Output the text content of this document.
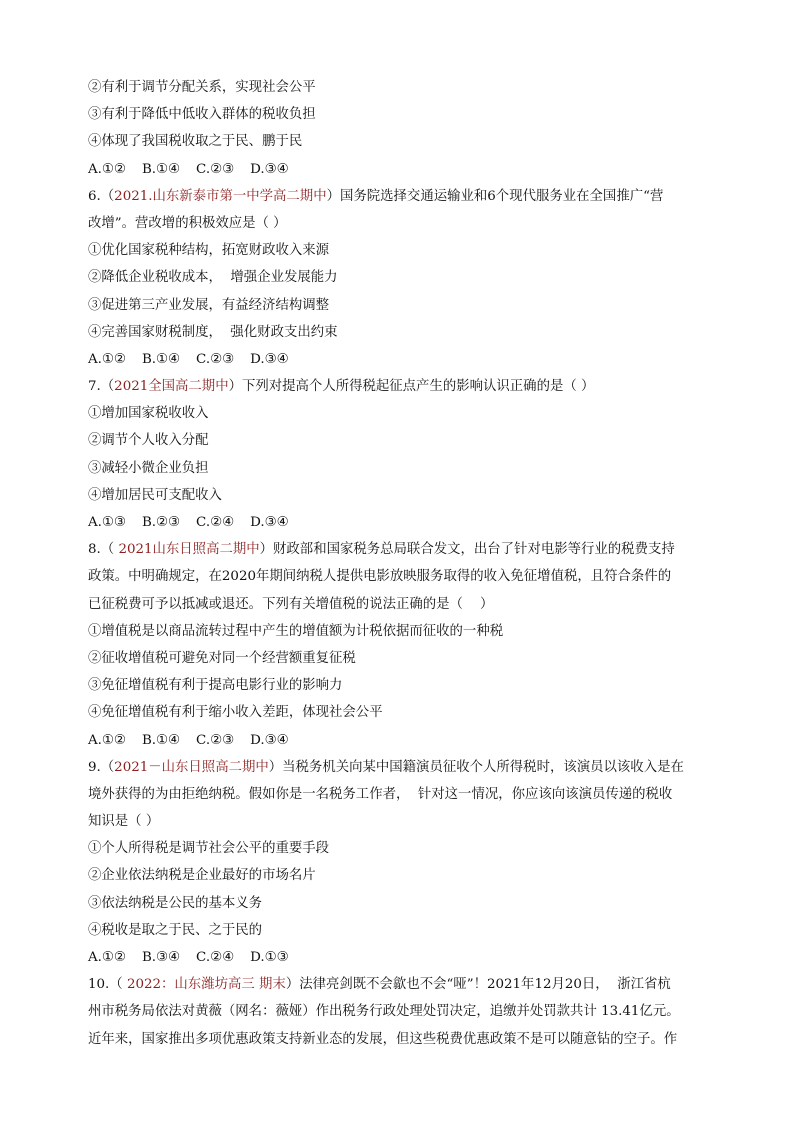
②有利于调节分配关系，实现社会公平
③有利于降低中低收入群体的税收负担
④体现了我国税收取之于民、鹏于民
A.①② B.①④ C.②③ D.③④
6.（2021.山东新泰市第一中学高二期中）国务院选择交通运输业和6个现代服务业在全国推广“营
改增”。营改增的积极效应是（ ）
①优化国家税种结构，拓宽财政收入来源
②降低企业税收成本，  增强企业发展能力
③促进第三产业发展，有益经济结构调整
④完善国家财税制度，  强化财政支出约束
A.①② B.①④ C.②③ D.③④
7.（2021全国高二期中）下列对提高个人所得税起征点产生的影响认识正确的是（ ）
①增加国家税收收入
②调节个人收入分配
③减轻小微企业负担
④增加居民可支配收入
A.①③ B.②③ C.②④ D.③④
8.（ 2021山东日照高二期中）财政部和国家税务总局联合发文，出台了针对电影等行业的税费支持
政策。中明确规定，在2020年期间纳税人提供电影放映服务取得的收入免征增值税，且符合条件的
已征税费可予以抵减或退还。下列有关增值税的说法正确的是（    ）
①增值税是以商品流转过程中产生的增值额为计税依据而征收的一种税
②征收增值税可避免对同一个经营额重复征税
③免征增值税有利于提高电影行业的影响力
④免征增值税有利于缩小收入差距，体现社会公平
A.①② B.①④ C.②③ D.③④
9.（2021－山东日照高二期中）当税务机关向某中国籍演员征收个人所得税时，该演员以该收入是在
境外获得的为由拒绝纳税。假如你是一名税务工作者，  针对这一情况，你应该向该演员传递的税收
知识是（ ）
①个人所得税是调节社会公平的重要手段
②企业依法纳税是企业最好的市场名片
③依法纳税是公民的基本义务
④税收是取之于民、之于民的
A.①② B.③④ C.②④ D.①③
10.（ 2022：山东潍坊高三 期末）法律亮剑既不会歙也不会“哑”！2021年12月20日，  浙江省杭
州市税务局依法对黄薇（网名：薇娅）作出税务行政处理处罚决定，追缴并处罚款共计 13.41亿元。
近年来，国家推出多项优惠政策支持新业态的发展，但这些税费优惠政策不是可以随意钻的空子。作
